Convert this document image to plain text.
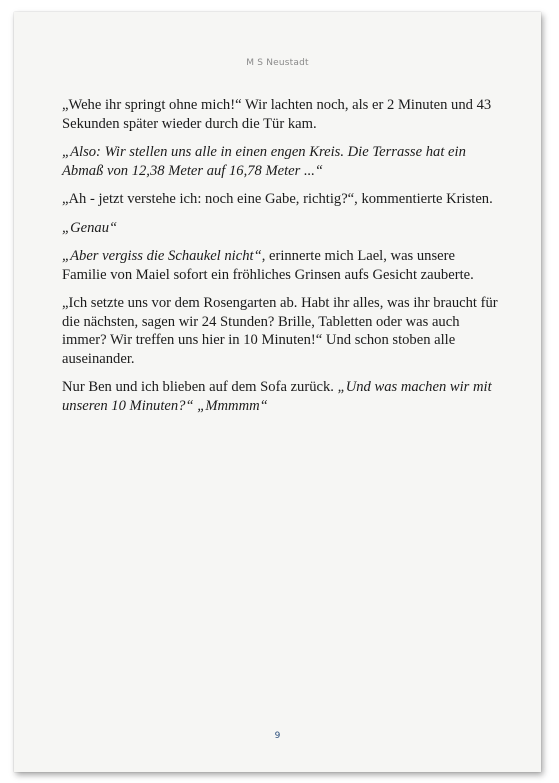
M S Neustadt

„Wehe ihr springt ohne mich!“ Wir lachten noch, als er 2 Minuten und 43 Sekunden später wieder durch die Tür kam.

„Also: Wir stellen uns alle in einen engen Kreis. Die Terrasse hat ein Abmaß von 12,38 Meter auf 16,78 Meter ...“

„Ah - jetzt verstehe ich: noch eine Gabe, richtig?“, kommentierte Kristen.

„Genau“

„Aber vergiss die Schaukel nicht“, erinnerte mich Lael, was unsere Familie von Maiel sofort ein fröhliches Grinsen aufs Gesicht zauberte.

„Ich setzte uns vor dem Rosengarten ab. Habt ihr alles, was ihr braucht für die nächsten, sagen wir 24 Stunden? Brille, Tabletten oder was auch immer? Wir treffen uns hier in 10 Minuten!“ Und schon stoben alle auseinander.

Nur Ben und ich blieben auf dem Sofa zurück. „Und was machen wir mit unseren 10 Minuten?“ „Mmmmm“

9
